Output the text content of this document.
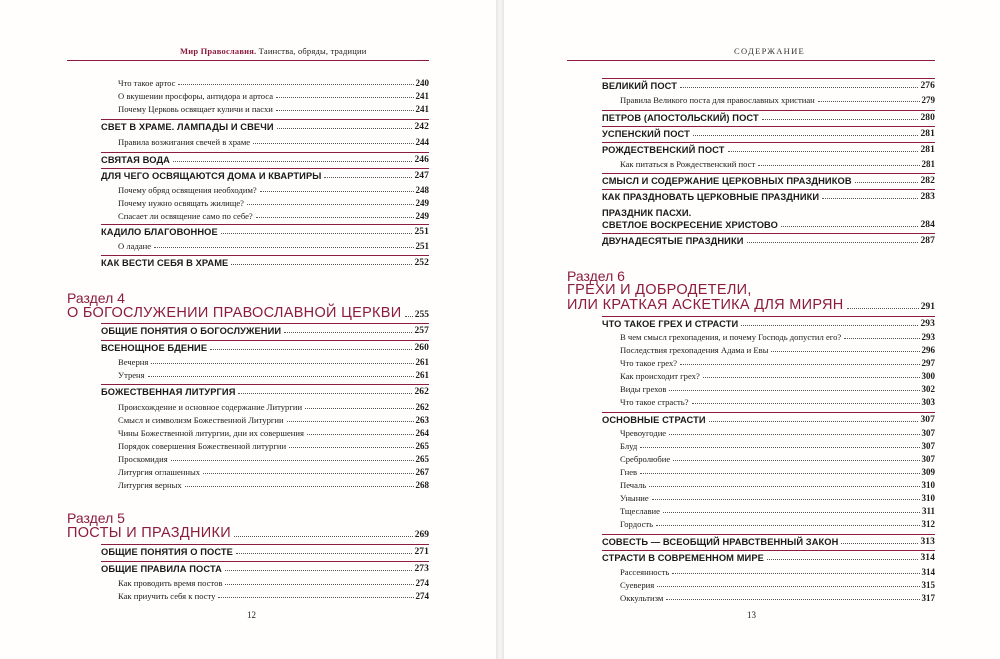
Мир Православия. Таинства, обряды, традиции
Что такое артос	240
О вкушении просфоры, антидора и артоса	241
Почему Церковь освящает куличи и пасхи	241
СВЕТ В ХРАМЕ. ЛАМПАДЫ И СВЕЧИ	242
Правила возжигания свечей в храме	244
СВЯТАЯ ВОДА	246
ДЛЯ ЧЕГО ОСВЯЩАЮТСЯ ДОМА И КВАРТИРЫ	247
Почему обряд освящения необходим?	248
Почему нужно освящать жилище?	249
Спасает ли освящение само по себе?	249
КАДИЛО БЛАГОВОННОЕ	251
О ладане	251
КАК ВЕСТИ СЕБЯ В ХРАМЕ	252
Раздел 4
О БОГОСЛУЖЕНИИ ПРАВОСЛАВНОЙ ЦЕРКВИ 255
ОБЩИЕ ПОНЯТИЯ О БОГОСЛУЖЕНИИ	257
ВСЕНОЩНОЕ БДЕНИЕ	260
Вечерня	261
Утреня	261
БОЖЕСТВЕННАЯ ЛИТУРГИЯ	262
Происхождение и основное содержание Литургии	262
Смысл и символизм Божественной Литургии	263
Чины Божественной литургии, дни их совершения	264
Порядок совершения Божественной литургии	265
Проскомидия	265
Литургия оглашенных	267
Литургия верных	268
Раздел 5
ПОСТЫ И ПРАЗДНИКИ	269
ОБЩИЕ ПОНЯТИЯ О ПОСТЕ	271
ОБЩИЕ ПРАВИЛА ПОСТА	273
Как проводить время постов	274
Как приучить себя к посту	274
12
СОДЕРЖАНИЕ
ВЕЛИКИЙ ПОСТ	276
Правила Великого поста для православных христиан	279
ПЕТРОВ (АПОСТОЛЬСКИЙ) ПОСТ	280
УСПЕНСКИЙ ПОСТ	281
РОЖДЕСТВЕНСКИЙ ПОСТ	281
Как питаться в Рождественский пост	281
СМЫСЛ И СОДЕРЖАНИЕ ЦЕРКОВНЫХ ПРАЗДНИКОВ	282
КАК ПРАЗДНОВАТЬ ЦЕРКОВНЫЕ ПРАЗДНИКИ	283
ПРАЗДНИК ПАСХИ.
СВЕТЛОЕ ВОСКРЕСЕНИЕ ХРИСТОВО	284
ДВУНАДЕСЯТЫЕ ПРАЗДНИКИ	287
Раздел 6
ГРЕХИ И ДОБРОДЕТЕЛИ,
ИЛИ КРАТКАЯ АСКЕТИКА ДЛЯ МИРЯН	291
ЧТО ТАКОЕ ГРЕХ И СТРАСТИ	293
В чем смысл грехопадения, и почему Господь допустил его?	293
Последствия грехопадения Адама и Евы	296
Что такое грех?	297
Как происходит грех?	300
Виды грехов	302
Что такое страсть?	303
ОСНОВНЫЕ СТРАСТИ	307
Чревоугодие	307
Блуд	307
Сребролюбие	307
Гнев	309
Печаль	310
Уныние	310
Тщеславие	311
Гордость	312
СОВЕСТЬ — ВСЕОБЩИЙ НРАВСТВЕННЫЙ ЗАКОН	313
СТРАСТИ В СОВРЕМЕННОМ МИРЕ	314
Рассеянность	314
Суеверия	315
Оккультизм	317
13
